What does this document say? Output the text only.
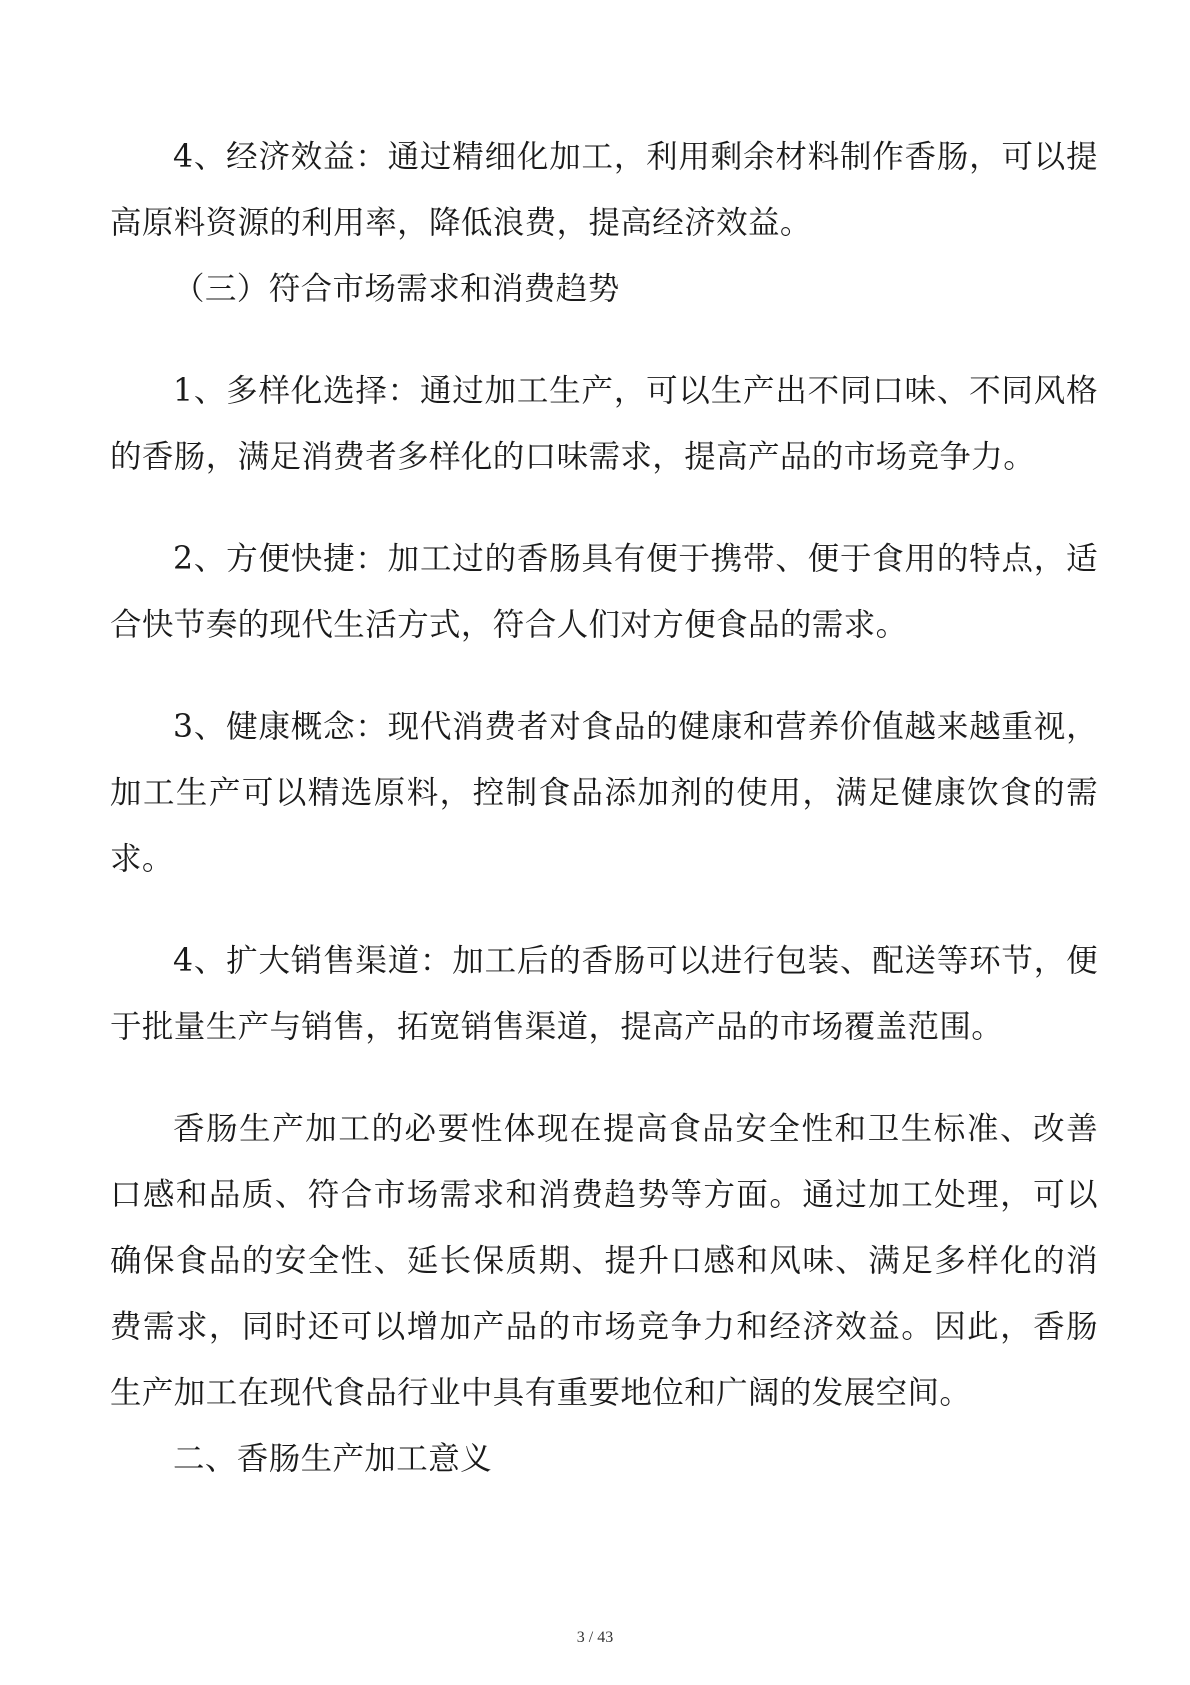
4、经济效益：通过精细化加工，利用剩余材料制作香肠，可以提高原料资源的利用率，降低浪费，提高经济效益。

（三）符合市场需求和消费趋势

1、多样化选择：通过加工生产，可以生产出不同口味、不同风格的香肠，满足消费者多样化的口味需求，提高产品的市场竞争力。

2、方便快捷：加工过的香肠具有便于携带、便于食用的特点，适合快节奏的现代生活方式，符合人们对方便食品的需求。

3、健康概念：现代消费者对食品的健康和营养价值越来越重视，加工生产可以精选原料，控制食品添加剂的使用，满足健康饮食的需求。

4、扩大销售渠道：加工后的香肠可以进行包装、配送等环节，便于批量生产与销售，拓宽销售渠道，提高产品的市场覆盖范围。

香肠生产加工的必要性体现在提高食品安全性和卫生标准、改善口感和品质、符合市场需求和消费趋势等方面。通过加工处理，可以确保食品的安全性、延长保质期、提升口感和风味、满足多样化的消费需求，同时还可以增加产品的市场竞争力和经济效益。因此，香肠生产加工在现代食品行业中具有重要地位和广阔的发展空间。

二、香肠生产加工意义

3 / 43
